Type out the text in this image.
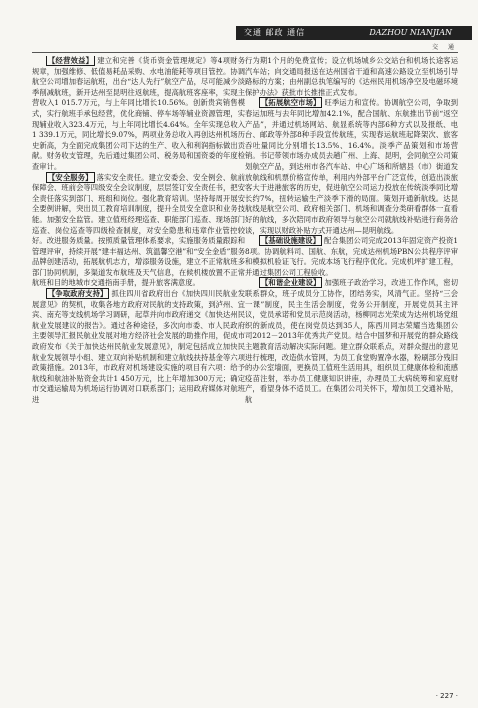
交通 邮政 通信	DAZHOU NIANJIAN
交 通

【经营效益】 建立和完善《货币资金管理规定》等4项财务规章，加强维修、低值易耗品采购、水电油能耗等项目管控。协调航空公司增加春运航班，出台“达人先行”航空产品，尽可能减少淡季削减航班，新开达州至昆明往返航班，提高航班客座率，实现主营收入1 015.7万元，与上年同比增长10.56%。创新贵宾销售模式，实行航班手承包经营，优化商铺、停车场等辅业资源管理，实现辅业收入323.4万元，与上年同比增长4.64%。全年实现总收入1 339.1万元，同比增长9.07%，两项业务总收入再创达州机场历史新高，为全面完成集团公司下达的生产、收入和利润指标做出贡献。财务收支管理，先后通过集团公司、税务局和国资委的年度检查审计。

【安全服务】 落实安全责任。建立安委会、安全例会、航前保障会、班前会等四级安全会议制度，层层签订安全责任书，把安全责任落实到部门、班组和岗位。强化教育培训。坚持每周开展安全要例讲解，突出员工教育培训制度，提升全员安全意识和业务技能。加强安全监管。建立值班经理巡查、职能部门巡查、现场部门巡查、岗位巡查等四级检查制度，对安全隐患和违章作业管控较好。改进服务质量。按照质量管理体系要求，实施服务质量跟踪和管理评审，持续开展“建丰福达州、筑温馨空港”和“安全金盾”服务品牌创建活动，拓展航机志方，增添服务设施，建立不正常航班多部门协同机制，多渠道发布航班及天气信息，在候机楼放置不正常航班和目的地城市交通指南手册，提升旅客满意度。

【争取政府支持】 抓住四川省政府出台《加快四川民航业发展意见》的契机，收集各地方政府对民航的支持政策，到泸州、宜宾、南充等支线机场学习调研，起草并向市政府递交《加快达州民航业发展建议的报告》。通过各种途径，多次向市委、市人民政府主要领导汇报民航业发展对地方经济社会发展的助推作用，促成市政府发布《关于加快达州民航业发展意见》，制定包括成立加快民航业发展领导小组、建立双向补贴机制和建立航线扶持基金等六项政策措施。2013年，市政府对机场建设实施的项目有六项：给予航线和航油补贴资金共计1 450万元，比上年增加300万元；确定市交通运输局为机场运行协调对口联系部门；运用政府媒体对航班进

行为期1个月的免费宣传；设立机场城乡公交站台和机场长途客运汽车站；向交通局报送在达州国省干道和高速公路设立至机场引导路标的方案；由州副总执笔编写的《达州民用机场净空及电磁环境保护办法》获批市长推推正式发布。

【拓展航空市场】 旺季运力和宣传。协调航空公司，争取到春运加班与去年同比增加42.1%，配合国航、东航推出节前“返空产品”，并通过机场网站、航显系统等内部6种方式以及报纸、电台、邮政等外部8种手段宣传航班，实现春运航班起降架次、旅客吞吐量同比分别增长13.5%、16.4%。淡季产品策划和市场营销。书记带领市场办成员去趟广州、上海、昆明，会同航空公司策划航空产品，到达州市各汽车站、中心广场和所辖县（市）街道发放航线和机票价格宣传单，利用内外部平台广泛宣传，创造出淡旅客大于进港旅客的历史，促进航空公司运力投放在传统淡季同比增长约7%，扭转运输生产淡季下滑的局面。策划开通新航线。达昆航线是航空公司、政府相关部门、机场和调查分类研看群体一直看好的航线，多次陪同市政府领导与航空公司就航线补贴进行商务洽谈，实现以财政补贴方式开通达州—昆明航线。

【基础设施建设】 配合集团公司完成2013年固定资产投资18项。协调航料司、国航、东航，完成达州机场PBN公共程序评审和模拟机验证飞行。完成本场飞行程序优化。完成机坪扩建工程，并通过集团公司工程验收。

【和谐企业建设】 加强班子政治学习，改进工作作风，密切联系群众，班子成员分工协作，团结务实，风清气正。坚持“三会一课”制度，民主生活会制度，党务公开制度，开展党员其主评议，党员承诺和党员示范岗活动，杨柳同志光荣成为达州机场党组织的新成员，使在岗党员达到35人，陈西川同志荣耀当选集团公司2012－2013年优秀共产党员。结合中国梦和开展党的群众路线主题教育活动解决实际问题。建立群众联系点，对群众提出的意见进行梳理，改造供水管网，为员工食堂购置净水器，粉刷部分残旧的办公室墙面，更换员工值班生活用具，组织员工健康体检和流感疫苗注射，举办员工健康知识讲座，办理员工大病统筹和家庭财产，看望身体不适员工。在集团公司关怀下，增加员工交通补贴，航

· 227 ·
